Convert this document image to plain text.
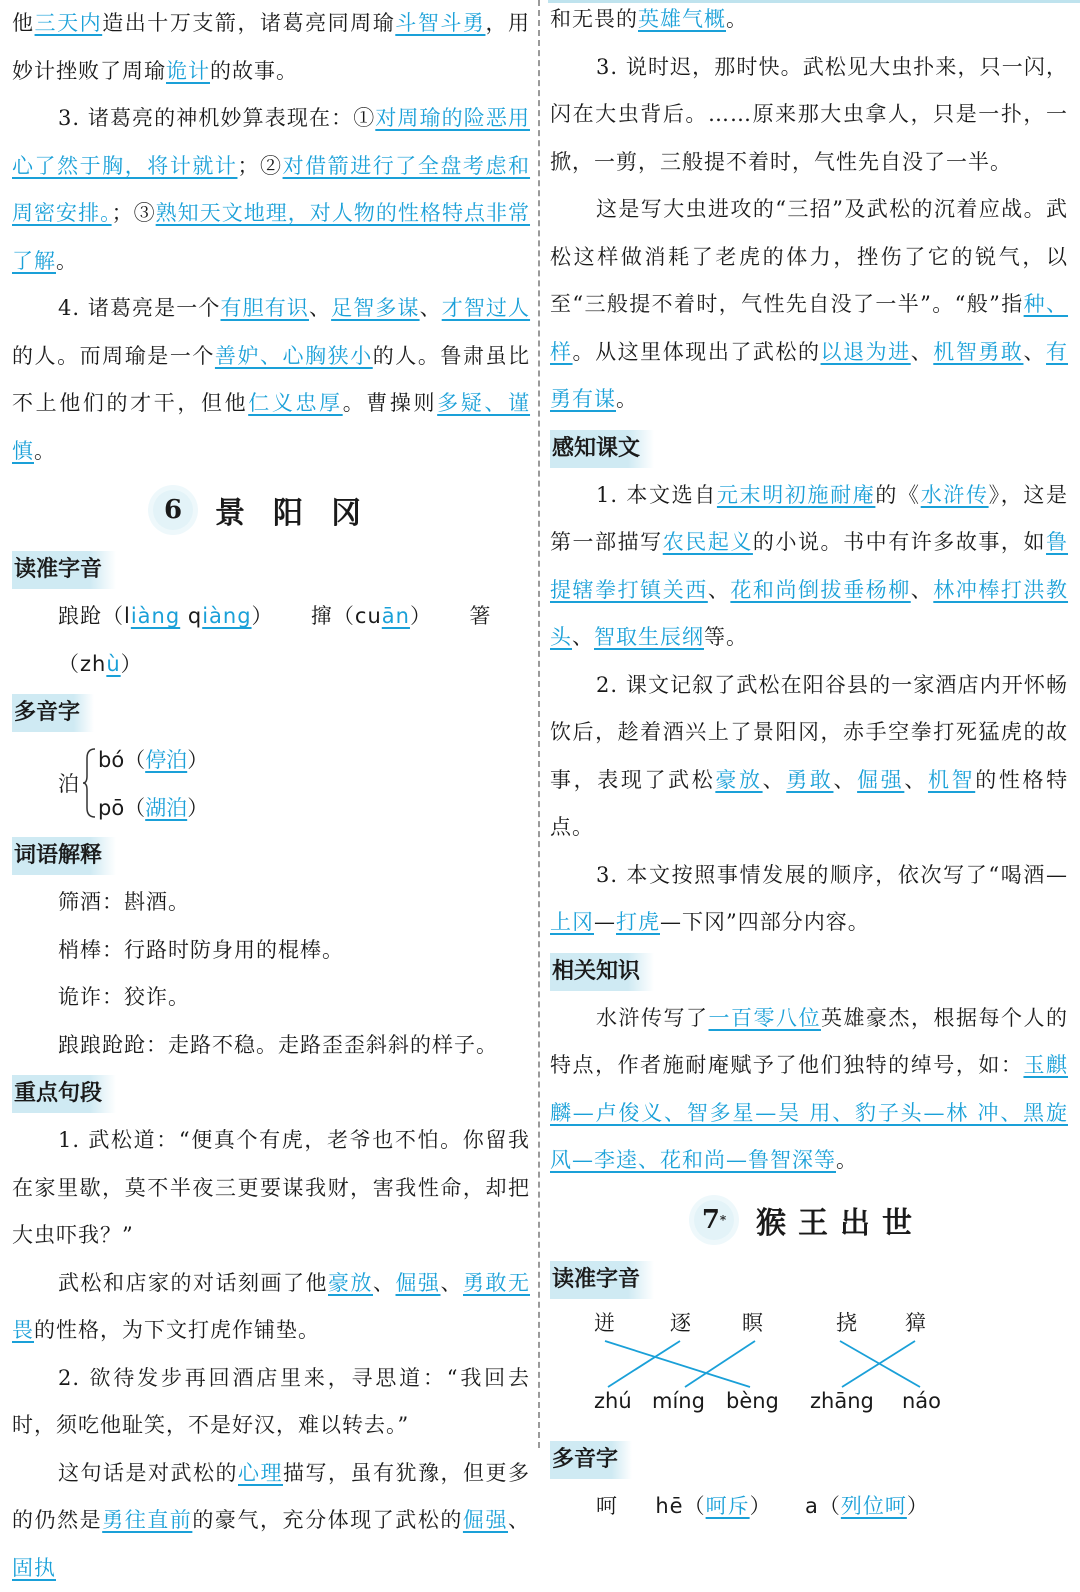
他三天内造出十万支箭，诸葛亮同周瑜斗智斗勇，用妙计挫败了周瑜诡计的故事。

3. 诸葛亮的神机妙算表现在：①对周瑜的险恶用心了然于胸，将计就计；②对借箭进行了全盘考虑和周密安排。；③熟知天文地理，对人物的性格特点非常了解。

4. 诸葛亮是一个有胆有识、足智多谋、才智过人的人。而周瑜是一个善妒、心胸狭小的人。鲁肃虽比不上他们的才干，但他仁义忠厚。曹操则多疑、谨慎。

6 景阳冈
读准字音
踉跄（liàng qiàng） 撺（cuān） 箸（zhù）
多音字
泊
bó（停泊）
pō（湖泊）
词语解释
筛酒：斟酒。
梢棒：行路时防身用的棍棒。
诡诈：狡诈。
踉踉跄跄：走路不稳。走路歪歪斜斜的样子。
重点句段

1. 武松道：“便真个有虎，老爷也不怕。你留我在家里歇，莫不半夜三更要谋我财，害我性命，却把大虫吓我？”

武松和店家的对话刻画了他豪放、倔强、勇敢无畏的性格，为下文打虎作铺垫。

2. 欲待发步再回酒店里来，寻思道：“我回去时，须吃他耻笑，不是好汉，难以转去。”

这句话是对武松的心理描写，虽有犹豫，但更多的仍然是勇往直前的豪气，充分体现了武松的倔强、固执

和无畏的英雄气概。

3. 说时迟，那时快。武松见大虫扑来，只一闪，闪在大虫背后。……原来那大虫拿人，只是一扑，一掀，一剪，三般提不着时，气性先自没了一半。

这是写大虫进攻的“三招”及武松的沉着应战。武松这样做消耗了老虎的体力，挫伤了它的锐气，以至“三般提不着时，气性先自没了一半”。“般”指种、样。从这里体现出了武松的以退为进、机智勇敢、有勇有谋。

感知课文

1. 本文选自元末明初施耐庵的《水浒传》，这是第一部描写农民起义的小说。书中有许多故事，如鲁提辖拳打镇关西、花和尚倒拔垂杨柳、林冲棒打洪教头、智取生辰纲等。

2. 课文记叙了武松在阳谷县的一家酒店内开怀畅饮后，趁着酒兴上了景阳冈，赤手空拳打死猛虎的故事，表现了武松豪放、勇敢、倔强、机智的性格特点。

3. 本文按照事情发展的顺序，依次写了“喝酒—上冈—打虎—下冈”四部分内容。

相关知识

水浒传写了一百零八位英雄豪杰，根据每个人的特点，作者施耐庵赋予了他们独特的绰号，如：玉麒麟—卢俊义、智多星—吴 用、豹子头—林 冲、黑旋风—李逵、花和尚—鲁智深等。

7 * 猴王出世
读准字音
迸	逐 瞑	挠 獐
zhú míng bèng zhāng náo
多音字
呵 hē（呵斥） a（列位呵）
